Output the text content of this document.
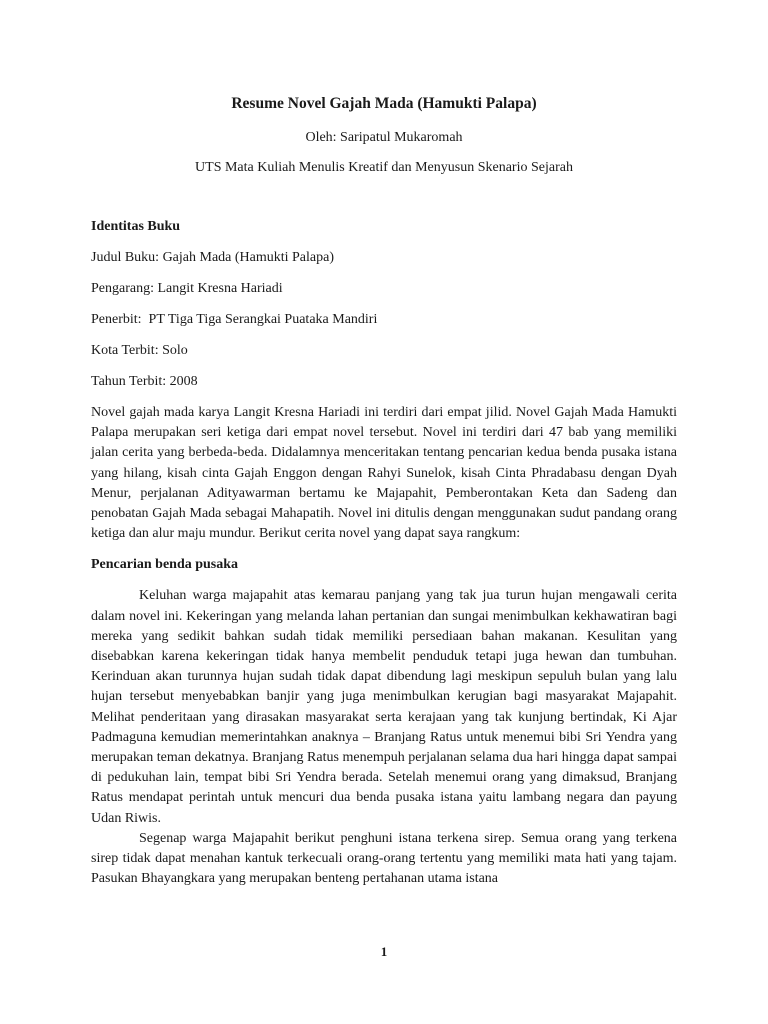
Resume Novel Gajah Mada (Hamukti Palapa)

Oleh: Saripatul Mukaromah

UTS Mata Kuliah Menulis Kreatif dan Menyusun Skenario Sejarah

Identitas Buku
Judul Buku: Gajah Mada (Hamukti Palapa)
Pengarang: Langit Kresna Hariadi
Penerbit:  PT Tiga Tiga Serangkai Puataka Mandiri
Kota Terbit: Solo
Tahun Terbit: 2008

Novel gajah mada karya Langit Kresna Hariadi ini terdiri dari empat jilid. Novel Gajah Mada Hamukti Palapa merupakan seri ketiga dari empat novel tersebut. Novel ini terdiri dari 47 bab yang memiliki jalan cerita yang berbeda-beda. Didalamnya menceritakan tentang pencarian kedua benda pusaka istana yang hilang, kisah cinta Gajah Enggon dengan Rahyi Sunelok, kisah Cinta Phradabasu dengan Dyah Menur, perjalanan Adityawarman bertamu ke Majapahit, Pemberontakan Keta dan Sadeng dan penobatan Gajah Mada sebagai Mahapatih. Novel ini ditulis dengan menggunakan sudut pandang orang ketiga dan alur maju mundur. Berikut cerita novel yang dapat saya rangkum:

Pencarian benda pusaka

Keluhan warga majapahit atas kemarau panjang yang tak jua turun hujan mengawali cerita dalam novel ini. Kekeringan yang melanda lahan pertanian dan sungai menimbulkan kekhawatiran bagi mereka yang sedikit bahkan sudah tidak memiliki persediaan bahan makanan. Kesulitan yang disebabkan karena kekeringan tidak hanya membelit penduduk tetapi juga hewan dan tumbuhan. Kerinduan akan turunnya hujan sudah tidak dapat dibendung lagi meskipun sepuluh bulan yang lalu hujan tersebut menyebabkan banjir yang juga menimbulkan kerugian bagi masyarakat Majapahit. Melihat penderitaan yang dirasakan masyarakat serta kerajaan yang tak kunjung bertindak, Ki Ajar Padmaguna kemudian memerintahkan anaknya – Branjang Ratus untuk menemui bibi Sri Yendra yang merupakan teman dekatnya. Branjang Ratus menempuh perjalanan selama dua hari hingga dapat sampai di pedukuhan lain, tempat bibi Sri Yendra berada. Setelah menemui orang yang dimaksud, Branjang Ratus mendapat perintah untuk mencuri dua benda pusaka istana yaitu lambang negara dan payung Udan Riwis.

Segenap warga Majapahit berikut penghuni istana terkena sirep. Semua orang yang terkena sirep tidak dapat menahan kantuk terkecuali orang-orang tertentu yang memiliki mata hati yang tajam. Pasukan Bhayangkara yang merupakan benteng pertahanan utama istana

1
